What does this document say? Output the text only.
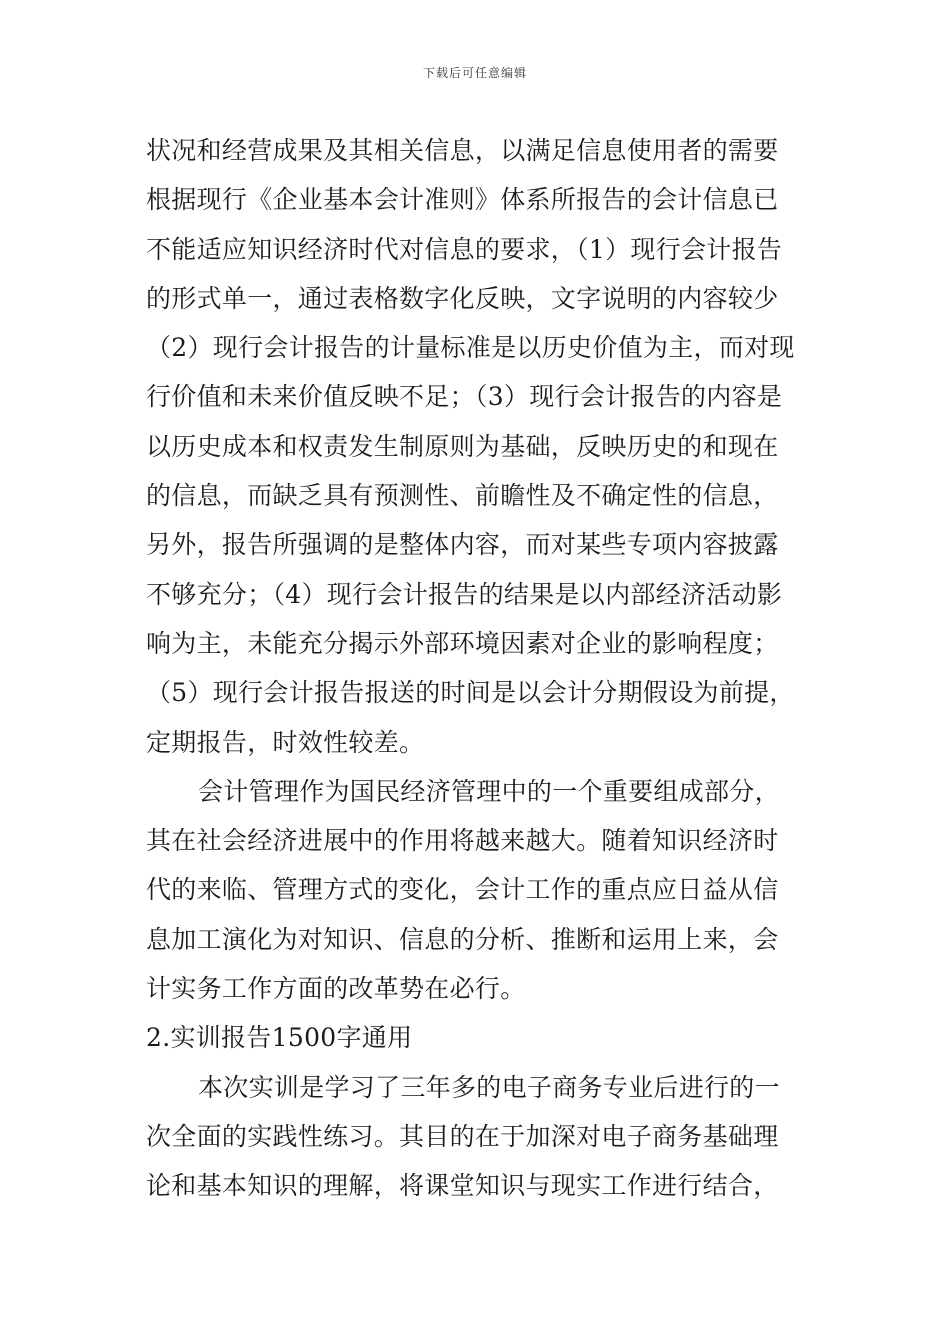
下载后可任意编辑
状况和经营成果及其相关信息，以满足信息使用者的需要
根据现行《企业基本会计准则》体系所报告的会计信息已
不能适应知识经济时代对信息的要求，（1）现行会计报告
的形式单一，通过表格数字化反映，文字说明的内容较少
（2）现行会计报告的计量标准是以历史价值为主，而对现
行价值和未来价值反映不足；（3）现行会计报告的内容是
以历史成本和权责发生制原则为基础，反映历史的和现在
的信息，而缺乏具有预测性、前瞻性及不确定性的信息，
另外，报告所强调的是整体内容，而对某些专项内容披露
不够充分；（4）现行会计报告的结果是以内部经济活动影
响为主，未能充分揭示外部环境因素对企业的影响程度；
（5）现行会计报告报送的时间是以会计分期假设为前提，
定期报告，时效性较差。
会计管理作为国民经济管理中的一个重要组成部分，
其在社会经济进展中的作用将越来越大。随着知识经济时
代的来临、管理方式的变化，会计工作的重点应日益从信
息加工演化为对知识、信息的分析、推断和运用上来，会
计实务工作方面的改革势在必行。
2.实训报告1500字通用
本次实训是学习了三年多的电子商务专业后进行的一
次全面的实践性练习。其目的在于加深对电子商务基础理
论和基本知识的理解，将课堂知识与现实工作进行结合，
